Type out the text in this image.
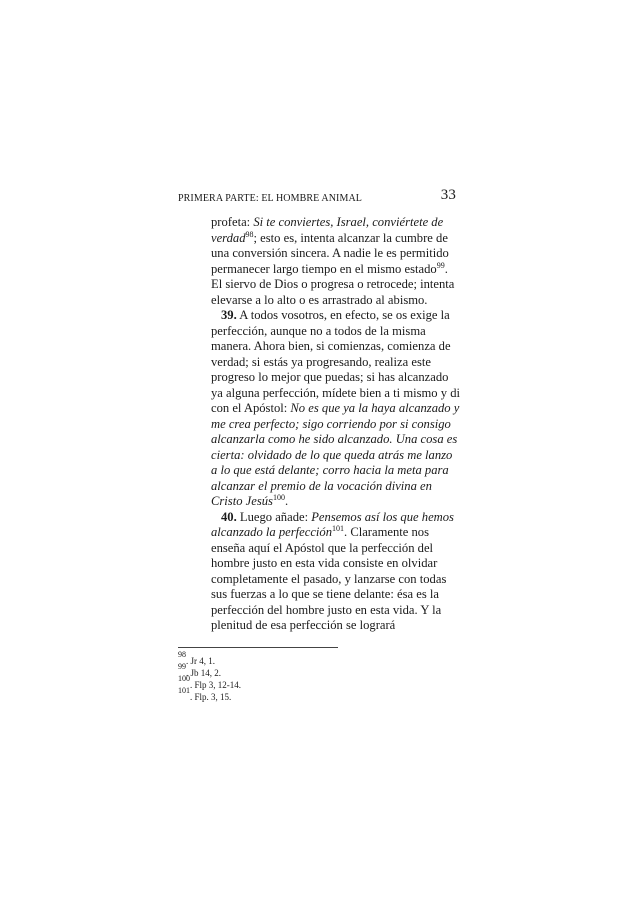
PRIMERA PARTE: EL HOMBRE ANIMAL	33

profeta: Si te conviertes, Israel, conviértete de verdad$^{98}$; esto es, intenta alcanzar la cumbre de una conversión sincera. A nadie le es permitido permanecer largo tiempo en el mismo estado$^{99}$. El siervo de Dios o progresa o retrocede; intenta elevarse a lo alto o es arrastrado al abismo.

39. A todos vosotros, en efecto, se os exige la perfección, aunque no a todos de la misma manera. Ahora bien, si comienzas, comienza de verdad; si estás ya progresando, realiza este progreso lo mejor que puedas; si has alcanzado ya alguna perfección, mídete bien a ti mismo y di con el Apóstol: No es que ya la haya alcanzado y me crea perfecto; sigo corriendo por si consigo alcanzarla como he sido alcanzado. Una cosa es cierta: olvidado de lo que queda atrás me lanzo a lo que está delante; corro hacia la meta para alcanzar el premio de la vocación divina en Cristo Jesús$^{100}$.

40. Luego añade: Pensemos así los que hemos alcanzado la perfección$^{101}$. Claramente nos enseña aquí el Apóstol que la perfección del hombre justo en esta vida consiste en olvidar completamente el pasado, y lanzarse con todas sus fuerzas a lo que se tiene delante: ésa es la perfección del hombre justo en esta vida. Y la plenitud de esa perfección se logrará

98. Jr 4, 1.
99. Jb 14, 2.
100. Flp 3, 12-14.
101. Flp. 3, 15.
